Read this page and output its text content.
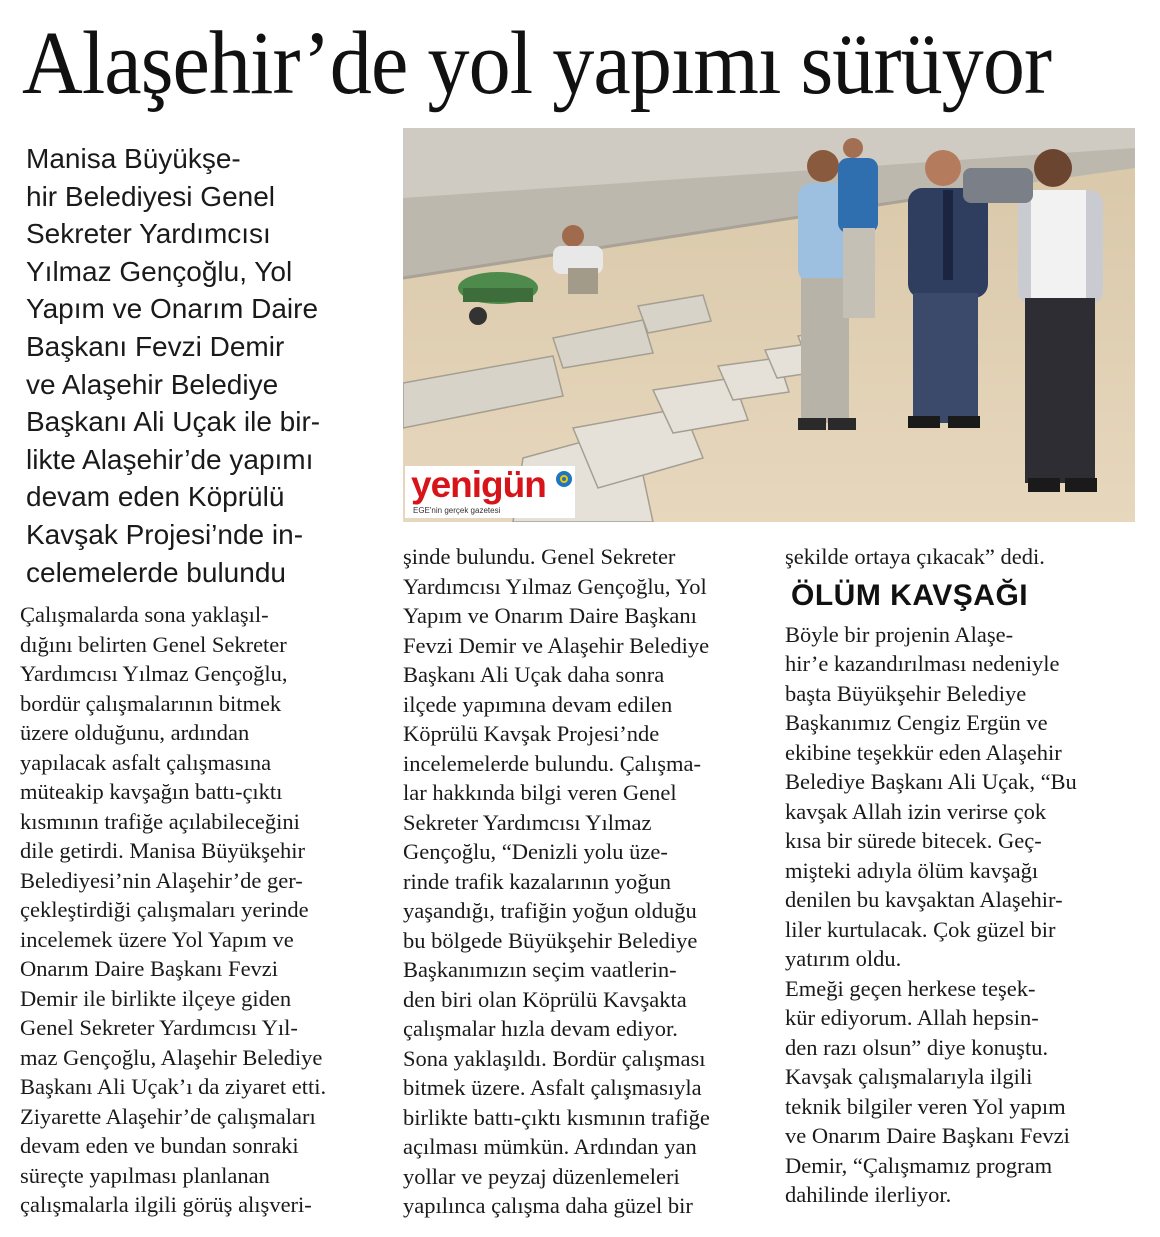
Alaşehir’de yol yapımı sürüyor

Manisa Büyükşe-

hir Belediyesi Genel

Sekreter Yardımcısı

Yılmaz Gençoğlu, Yol

Yapım ve Onarım Daire

Başkanı Fevzi Demir

ve Alaşehir Belediye

Başkanı Ali Uçak ile bir-

likte Alaşehir’de yapımı

devam eden Köprülü

Kavşak Projesi’nde in-

celemelerde bulundu

yenigün
EGE'nin gerçek gazetesi

Çalışmalarda sona yaklaşıl-

dığını belirten Genel Sekreter

Yardımcısı Yılmaz Gençoğlu,

bordür çalışmalarının bitmek

üzere olduğunu, ardından

yapılacak asfalt çalışmasına

müteakip kavşağın battı-çıktı

kısmının trafiğe açılabileceğini

dile getirdi. Manisa Büyükşehir

Belediyesi’nin Alaşehir’de ger-

çekleştirdiği çalışmaları yerinde

incelemek üzere Yol Yapım ve

Onarım Daire Başkanı Fevzi

Demir ile birlikte ilçeye giden

Genel Sekreter Yardımcısı Yıl-

maz Gençoğlu, Alaşehir Belediye

Başkanı Ali Uçak’ı da ziyaret etti.

Ziyarette Alaşehir’de çalışmaları

devam eden ve bundan sonraki

süreçte yapılması planlanan

çalışmalarla ilgili görüş alışveri-

şinde bulundu. Genel Sekreter

Yardımcısı Yılmaz Gençoğlu, Yol

Yapım ve Onarım Daire Başkanı

Fevzi Demir ve Alaşehir Belediye

Başkanı Ali Uçak daha sonra

ilçede yapımına devam edilen

Köprülü Kavşak Projesi’nde

incelemelerde bulundu. Çalışma-

lar hakkında bilgi veren Genel

Sekreter Yardımcısı Yılmaz

Gençoğlu, “Denizli yolu üze-

rinde trafik kazalarının yoğun

yaşandığı, trafiğin yoğun olduğu

bu bölgede Büyükşehir Belediye

Başkanımızın seçim vaatlerin-

den biri olan Köprülü Kavşakta

çalışmalar hızla devam ediyor.

Sona yaklaşıldı. Bordür çalışması

bitmek üzere. Asfalt çalışmasıyla

birlikte battı-çıktı kısmının trafiğe

açılması mümkün. Ardından yan

yollar ve peyzaj düzenlemeleri

yapılınca çalışma daha güzel bir

şekilde ortaya çıkacak” dedi.

ÖLÜM KAVŞAĞI

Böyle bir projenin Alaşe-

hir’e kazandırılması nedeniyle

başta Büyükşehir Belediye

Başkanımız Cengiz Ergün ve

ekibine teşekkür eden Alaşehir

Belediye Başkanı Ali Uçak, “Bu

kavşak Allah izin verirse çok

kısa bir sürede bitecek. Geç-

mişteki adıyla ölüm kavşağı

denilen bu kavşaktan Alaşehir-

liler kurtulacak. Çok güzel bir

yatırım oldu.

Emeği geçen herkese teşek-

kür ediyorum. Allah hepsin-

den razı olsun” diye konuştu.

Kavşak çalışmalarıyla ilgili

teknik bilgiler veren Yol yapım

ve Onarım Daire Başkanı Fevzi

Demir, “Çalışmamız program

dahilinde ilerliyor.
